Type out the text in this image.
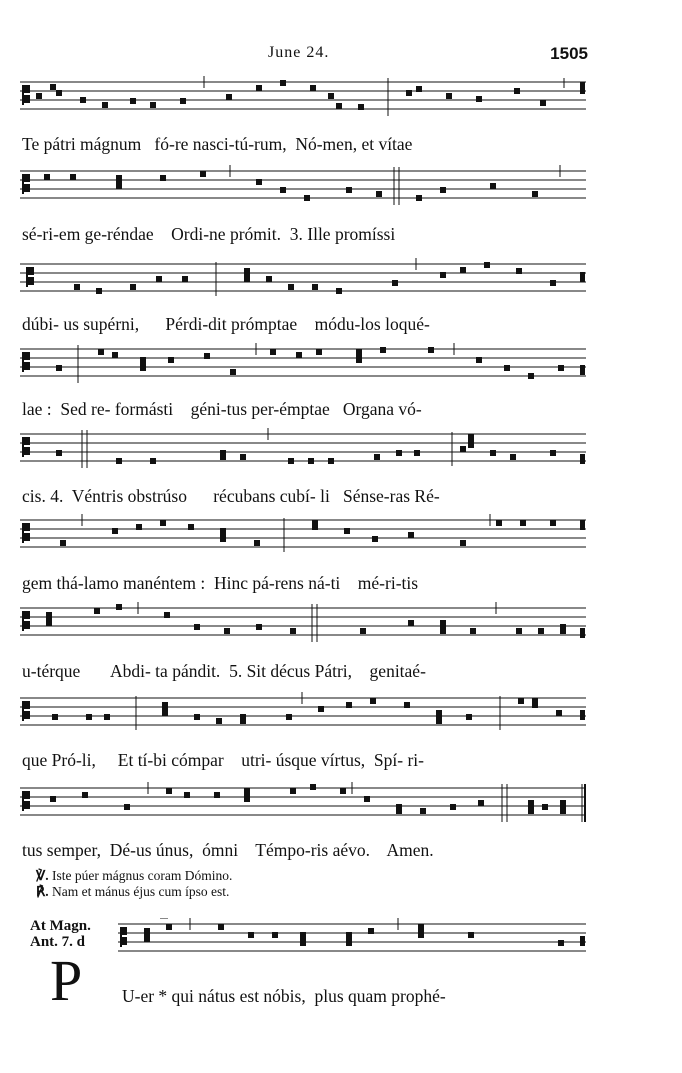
June 24.	1505
Te pátri mágnum fó-re nasci-tú-rum, Nó-men, et vítae
sé-ri-em ge-réndae Ordi-ne prómit. 3. Ille promíssi
dúbi- us supérni, Pérdi-dit prómptae módu-los loqué-
lae : Sed re- formásti géni-tus per-émptae Organa vó-
cis. 4. Véntris obstrúso récubans cubí- li Sénse-ras Ré-
gem thá-lamo manéntem : Hinc pá-rens ná-ti mé-ri-tis
u-térque Abdi- ta pándit. 5. Sit décus Pátri, genitaé-
que Pró-li, Et tí-bi cómpar utri- úsque vírtus, Spí- ri-
tus semper, Dé-us únus, ómni Témpo-ris aévo. Amen.
℣. Iste púer mágnus coram Dómino.
℟. Nam et mánus éjus cum ípso est.
At Magn.
Ant. 7. d
P U-er * qui nátus est nóbis,  plus quam prophé-
